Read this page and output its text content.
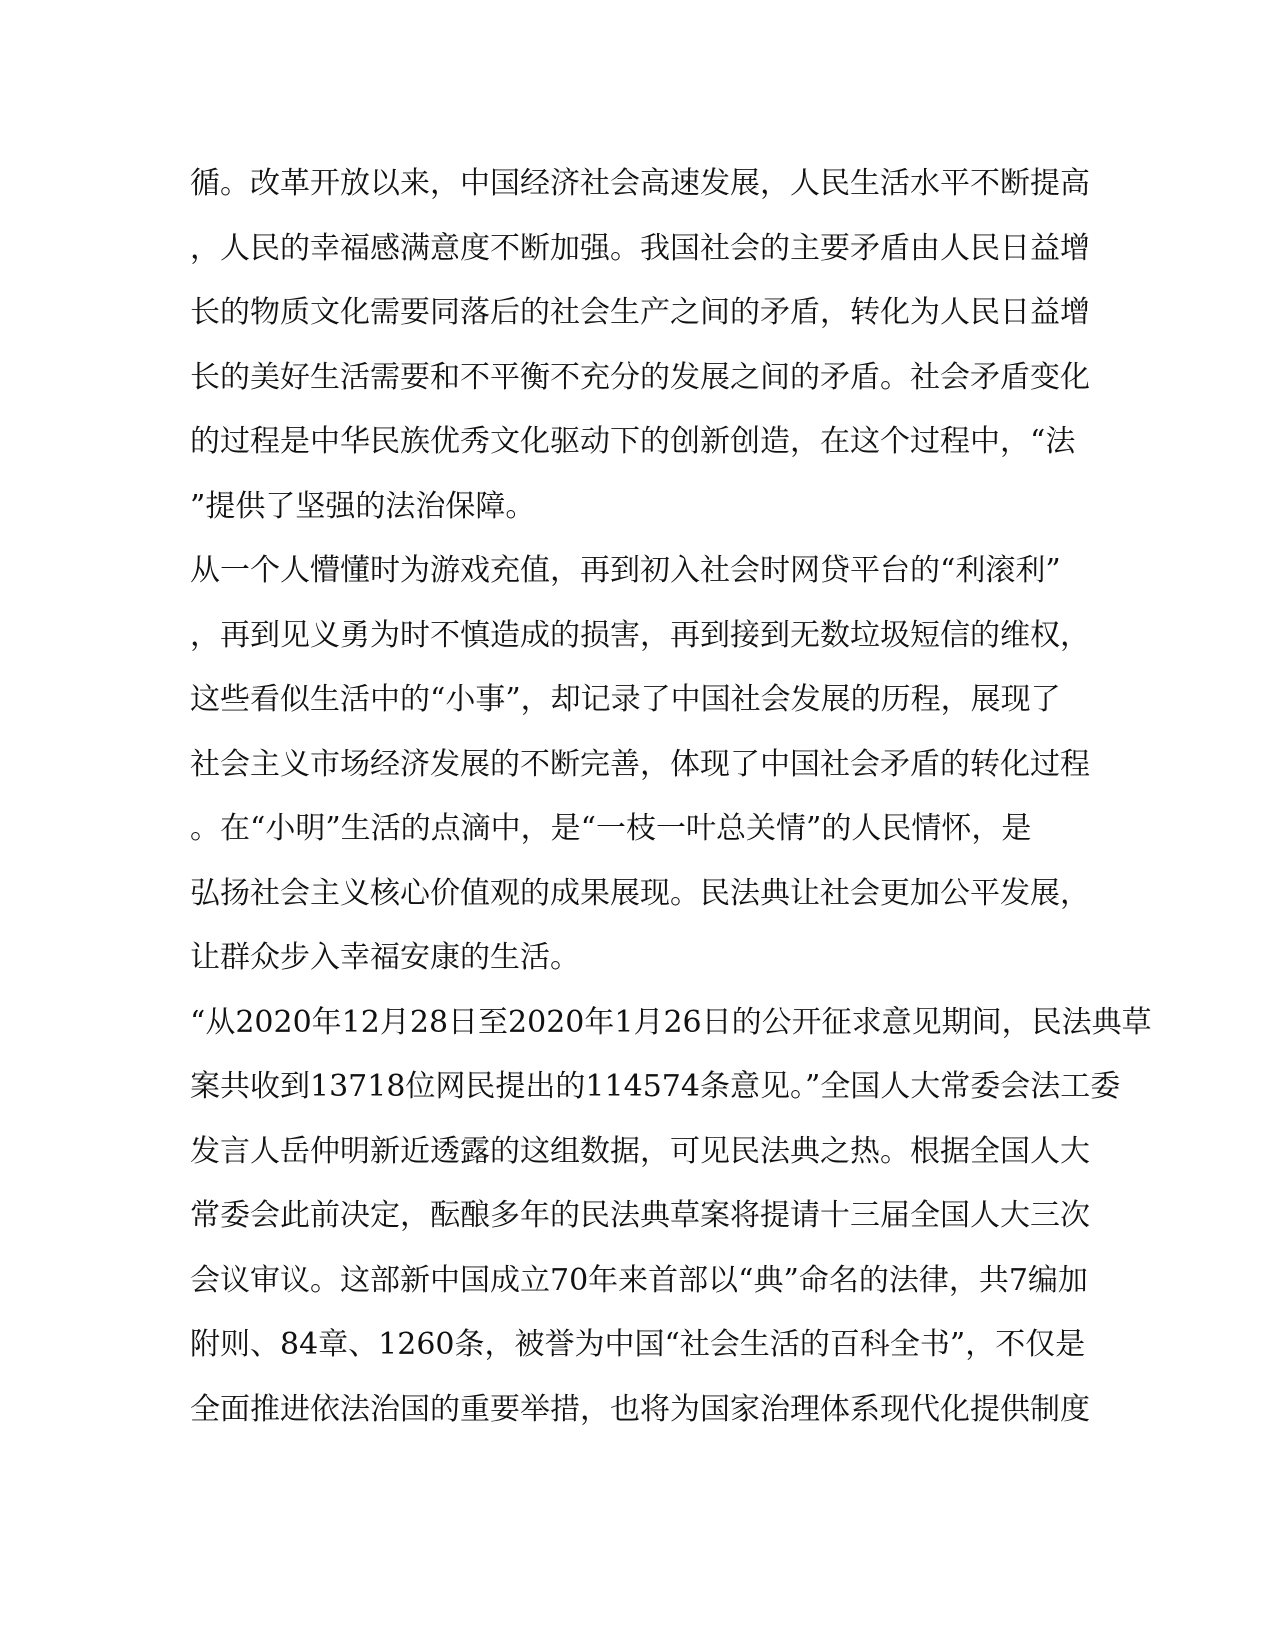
循。改革开放以来，中国经济社会高速发展，人民生活水平不断提高
，人民的幸福感满意度不断加强。我国社会的主要矛盾由人民日益增
长的物质文化需要同落后的社会生产之间的矛盾，转化为人民日益增
长的美好生活需要和不平衡不充分的发展之间的矛盾。社会矛盾变化
的过程是中华民族优秀文化驱动下的创新创造，在这个过程中，“法
”提供了坚强的法治保障。
从一个人懵懂时为游戏充值，再到初入社会时网贷平台的“利滚利”
，再到见义勇为时不慎造成的损害，再到接到无数垃圾短信的维权，
这些看似生活中的“小事”，却记录了中国社会发展的历程，展现了
社会主义市场经济发展的不断完善，体现了中国社会矛盾的转化过程
。在“小明”生活的点滴中，是“一枝一叶总关情”的人民情怀，是
弘扬社会主义核心价值观的成果展现。民法典让社会更加公平发展，
让群众步入幸福安康的生活。
“从2020年12月28日至2020年1月26日的公开征求意见期间，民法典草
案共收到13718位网民提出的114574条意见。”全国人大常委会法工委
发言人岳仲明新近透露的这组数据，可见民法典之热。根据全国人大
常委会此前决定，酝酿多年的民法典草案将提请十三届全国人大三次
会议审议。这部新中国成立70年来首部以“典”命名的法律，共7编加
附则、84章、1260条，被誉为中国“社会生活的百科全书”，不仅是
全面推进依法治国的重要举措，也将为国家治理体系现代化提供制度
